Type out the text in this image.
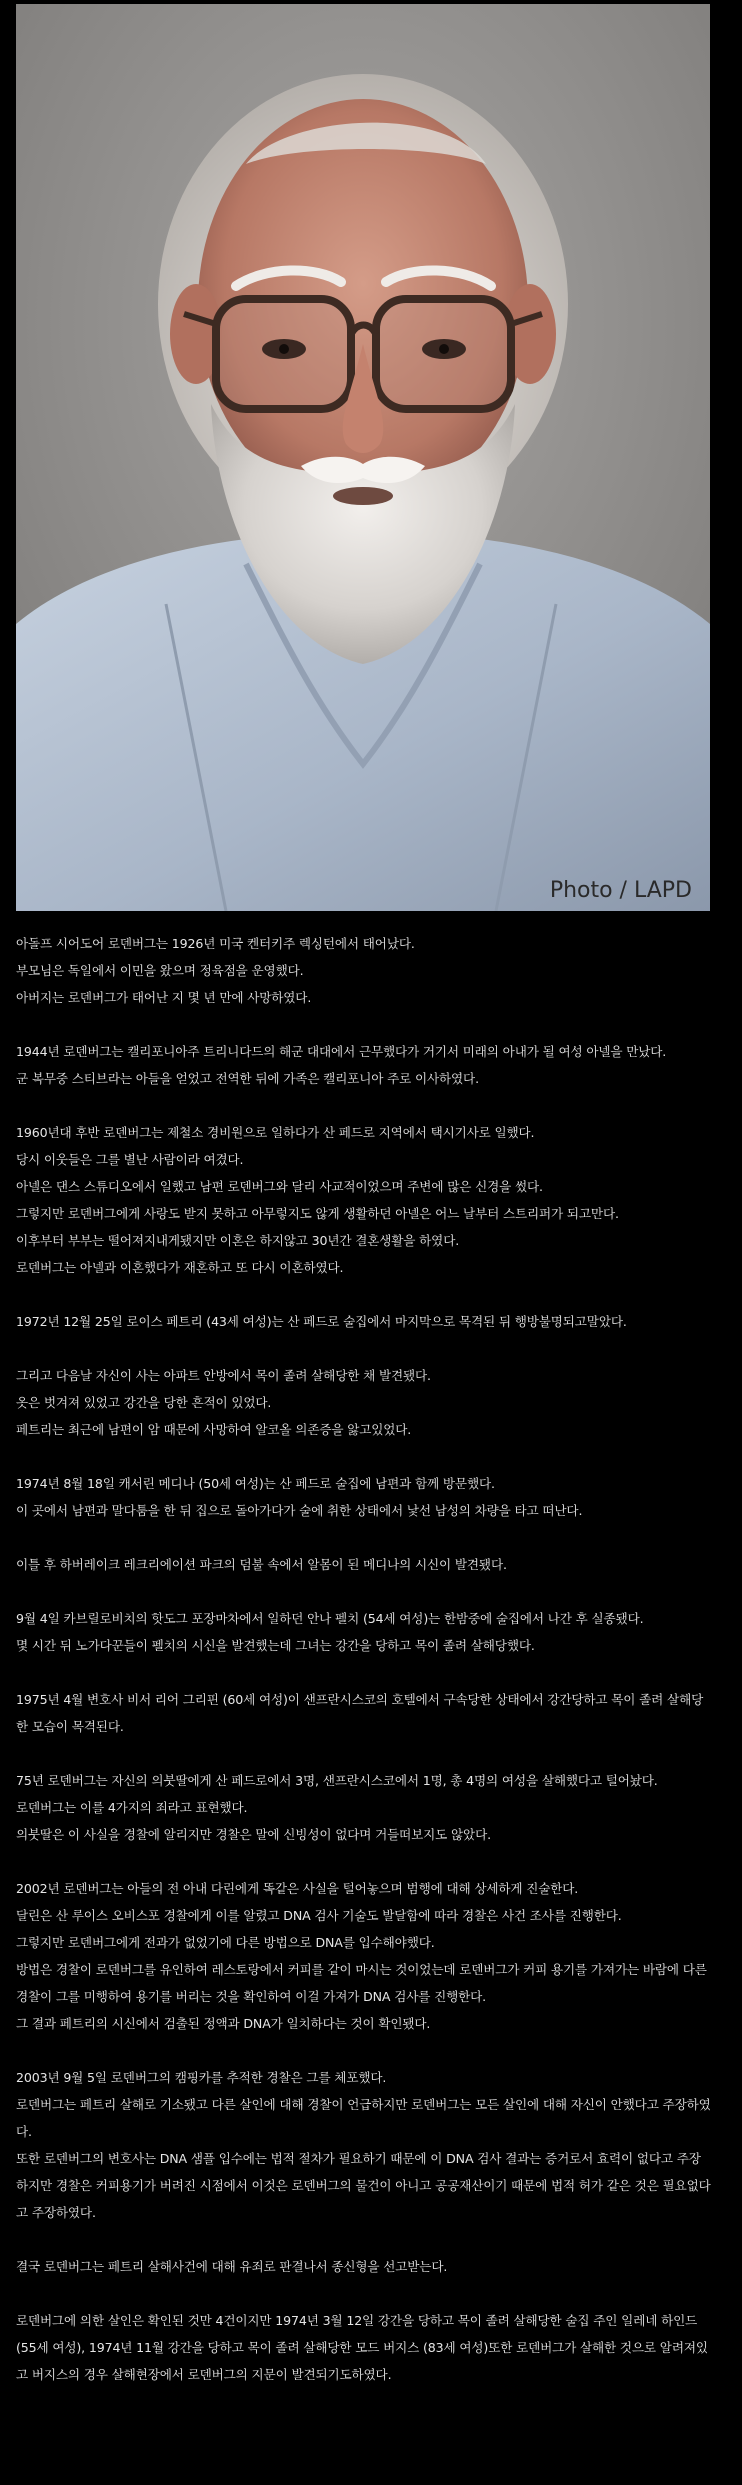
Photo / LAPD

아돌프 시어도어 로덴버그는 1926년 미국 켄터키주 렉싱턴에서 태어났다.
부모님은 독일에서 이민을 왔으며 정육점을 운영했다.
아버지는 로덴버그가 태어난 지 몇 년 만에 사망하였다.

1944년 로덴버그는 캘리포니아주 트리니다드의 해군 대대에서 근무했다가 거기서 미래의 아내가 될 여성 아넬을 만났다.
군 복무중 스티브라는 아들을 얻었고 전역한 뒤에 가족은 캘리포니아 주로 이사하였다.

1960년대 후반 로덴버그는 제철소 경비원으로 일하다가 산 페드로 지역에서 택시기사로 일했다.
당시 이웃들은 그를 별난 사람이라 여겼다.
아넬은 댄스 스튜디오에서 일했고 남편 로덴버그와 달리 사교적이었으며 주변에 많은 신경을 썼다.
그렇지만 로덴버그에게 사랑도 받지 못하고 아무렇지도 않게 생활하던 아넬은 어느 날부터 스트리퍼가 되고만다.
이후부터 부부는 떨어져지내게됐지만 이혼은 하지않고 30년간 결혼생활을 하였다.
로덴버그는 아넬과 이혼했다가 재혼하고 또 다시 이혼하였다.

1972년 12월 25일 로이스 페트리 (43세 여성)는 산 페드로 술집에서 마지막으로 목격된 뒤 행방불명되고말았다.

그리고 다음날 자신이 사는 아파트 안방에서 목이 졸려 살해당한 채 발견됐다.
옷은 벗겨져 있었고 강간을 당한 흔적이 있었다.
페트리는 최근에 남편이 암 때문에 사망하여 알코올 의존증을 앓고있었다.

1974년 8월 18일 캐서린 메디나 (50세 여성)는 산 페드로 술집에 남편과 함께 방문했다.
이 곳에서 남편과 말다툼을 한 뒤 집으로 돌아가다가 술에 취한 상태에서 낯선 남성의 차량을 타고 떠난다.

이틀 후 하버레이크 레크리에이션 파크의 덤불 속에서 알몸이 된 메디나의 시신이 발견됐다.

9월 4일 카브릴로비치의 핫도그 포장마차에서 일하던 안나 펠치 (54세 여성)는 한밤중에 술집에서 나간 후 실종됐다.
몇 시간 뒤 노가다꾼들이 펠치의 시신을 발견했는데 그녀는 강간을 당하고 목이 졸려 살해당했다.

1975년 4월 변호사 비서 리어 그리핀 (60세 여성)이 샌프란시스코의 호텔에서 구속당한 상태에서 강간당하고 목이 졸려 살해당한 모습이 목격된다.

75년 로덴버그는 자신의 의붓딸에게 산 페드로에서 3명, 샌프란시스코에서 1명, 총 4명의 여성을 살해했다고 털어놨다.
로덴버그는 이를 4가지의 죄라고 표현했다.
의붓딸은 이 사실을 경찰에 알리지만 경찰은 말에 신빙성이 없다며 거들떠보지도 않았다.

2002년 로덴버그는 아들의 전 아내 다린에게 똑같은 사실을 털어놓으며 범행에 대해 상세하게 진술한다.
달린은 산 루이스 오비스포 경찰에게 이를 알렸고 DNA 검사 기술도 발달함에 따라 경찰은 사건 조사를 진행한다.
그렇지만 로덴버그에게 전과가 없었기에 다른 방법으로 DNA를 입수해야했다.
방법은 경찰이 로덴버그를 유인하여 레스토랑에서 커피를 같이 마시는 것이었는데 로덴버그가 커피 용기를 가져가는 바람에 다른 경찰이 그를 미행하여 용기를 버리는 것을 확인하여 이걸 가져가 DNA 검사를 진행한다.
그 결과 페트리의 시신에서 검출된 정액과 DNA가 일치하다는 것이 확인됐다.

2003년 9월 5일 로덴버그의 캠핑카를 추적한 경찰은 그를 체포했다.
로덴버그는 페트리 살해로 기소됐고 다른 살인에 대해 경찰이 언급하지만 로덴버그는 모든 살인에 대해 자신이 안했다고 주장하였다.
또한 로덴버그의 변호사는 DNA 샘플 입수에는 법적 절차가 필요하기 때문에 이 DNA 검사 결과는 증거로서 효력이 없다고 주장하지만 경찰은 커피용기가 버려진 시점에서 이것은 로덴버그의 물건이 아니고 공공재산이기 때문에 법적 허가 같은 것은 필요없다고 주장하였다.

결국 로덴버그는 페트리 살해사건에 대해 유죄로 판결나서 종신형을 선고받는다.

로덴버그에 의한 살인은 확인된 것만 4건이지만 1974년 3월 12일 강간을 당하고 목이 졸려 살해당한 술집 주인 일레네 하인드 (55세 여성), 1974년 11월 강간을 당하고 목이 졸려 살해당한 모드 버지스 (83세 여성)또한 로덴버그가 살해한 것으로 알려져있고 버지스의 경우 살해현장에서 로덴버그의 지문이 발견되기도하였다.
